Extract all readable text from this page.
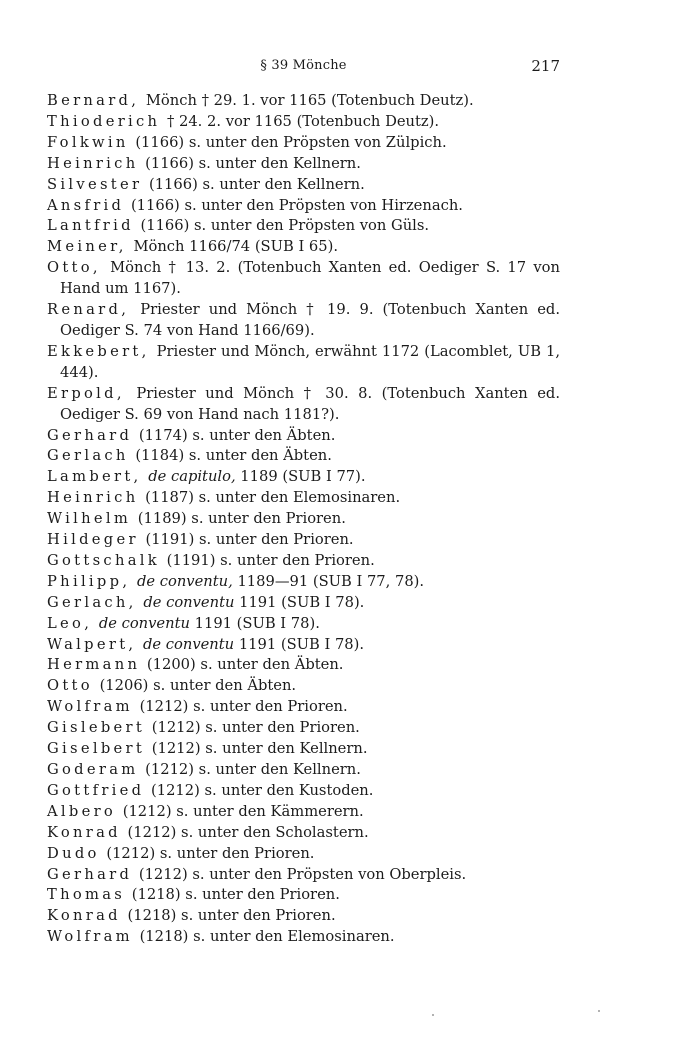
§ 39 Mönche	217
Bernard, Mönch † 29. 1. vor 1165 (Totenbuch Deutz).
Thioderich † 24. 2. vor 1165 (Totenbuch Deutz).
Folkwin (1166) s. unter den Pröpsten von Zülpich.
Heinrich (1166) s. unter den Kellnern.
Silvester (1166) s. unter den Kellnern.
Ansfrid (1166) s. unter den Pröpsten von Hirzenach.
Lantfrid (1166) s. unter den Pröpsten von Güls.
Meiner, Mönch 1166/74 (SUB I 65).
Otto, Mönch † 13. 2. (Totenbuch Xanten ed. Oediger S. 17 von Hand um 1167).
Renard, Priester und Mönch † 19. 9. (Totenbuch Xanten ed. Oediger S. 74 von Hand 1166/69).
Ekkebert, Priester und Mönch, erwähnt 1172 (Lacomblet, UB 1, 444).
Erpold, Priester und Mönch † 30. 8. (Totenbuch Xanten ed. Oediger S. 69 von Hand nach 1181?).
Gerhard (1174) s. unter den Äbten.
Gerlach (1184) s. unter den Äbten.
Lambert, de capitulo, 1189 (SUB I 77).
Heinrich (1187) s. unter den Elemosinaren.
Wilhelm (1189) s. unter den Prioren.
Hildeger (1191) s. unter den Prioren.
Gottschalk (1191) s. unter den Prioren.
Philipp, de conventu, 1189—91 (SUB I 77, 78).
Gerlach, de conventu 1191 (SUB I 78).
Leo, de conventu 1191 (SUB I 78).
Walpert, de conventu 1191 (SUB I 78).
Hermann (1200) s. unter den Äbten.
Otto (1206) s. unter den Äbten.
Wolfram (1212) s. unter den Prioren.
Gislebert (1212) s. unter den Prioren.
Giselbert (1212) s. unter den Kellnern.
Goderam (1212) s. unter den Kellnern.
Gottfried (1212) s. unter den Kustoden.
Albero (1212) s. unter den Kämmerern.
Konrad (1212) s. unter den Scholastern.
Dudo (1212) s. unter den Prioren.
Gerhard (1212) s. unter den Pröpsten von Oberpleis.
Thomas (1218) s. unter den Prioren.
Konrad (1218) s. unter den Prioren.
Wolfram (1218) s. unter den Elemosinaren.
